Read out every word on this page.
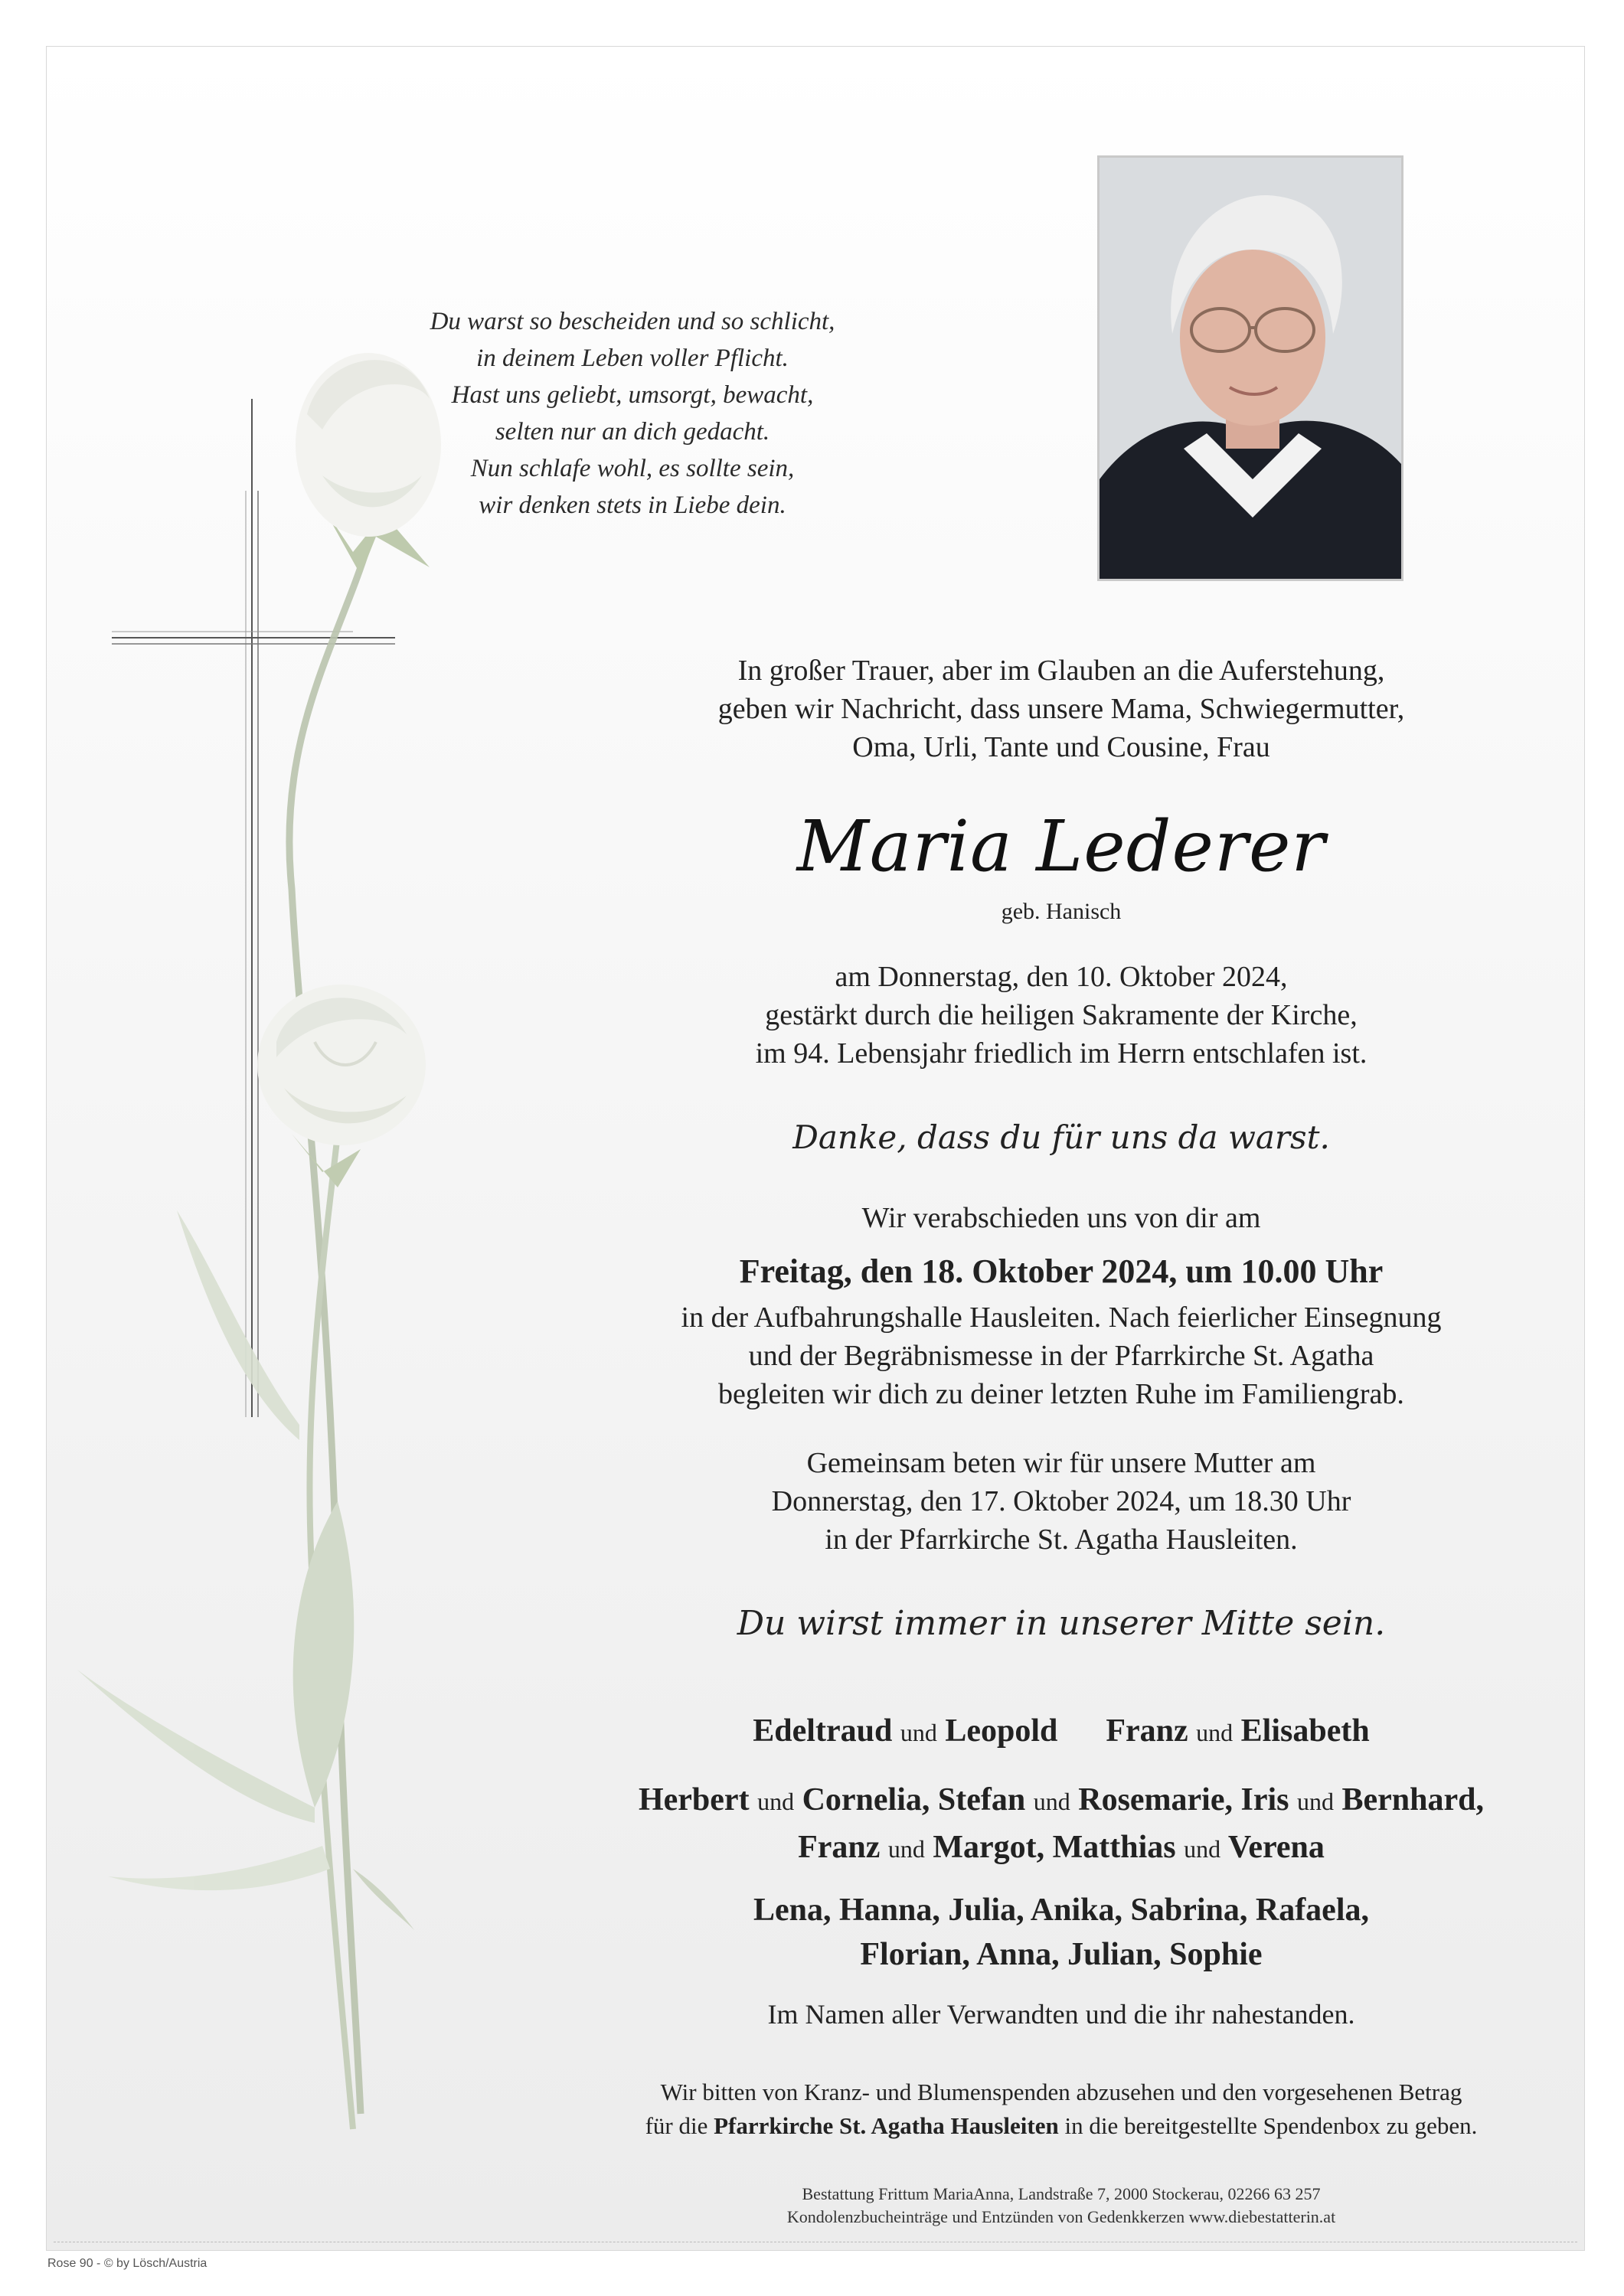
Du warst so bescheiden und so schlicht,
in deinem Leben voller Pflicht.
Hast uns geliebt, umsorgt, bewacht,
selten nur an dich gedacht.
Nun schlafe wohl, es sollte sein,
wir denken stets in Liebe dein.
In großer Trauer, aber im Glauben an die Auferstehung,
geben wir Nachricht, dass unsere Mama, Schwiegermutter,
Oma, Urli, Tante und Cousine, Frau
Maria Lederer
geb. Hanisch
am Donnerstag, den 10. Oktober 2024,
gestärkt durch die heiligen Sakramente der Kirche,
im 94. Lebensjahr friedlich im Herrn entschlafen ist.
Danke, dass du für uns da warst.
Wir verabschieden uns von dir am
Freitag, den 18. Oktober 2024, um 10.00 Uhr
in der Aufbahrungshalle Hausleiten. Nach feierlicher Einsegnung
und der Begräbnismesse in der Pfarrkirche St. Agatha
begleiten wir dich zu deiner letzten Ruhe im Familiengrab.
Gemeinsam beten wir für unsere Mutter am
Donnerstag, den 17. Oktober 2024, um 18.30 Uhr
in der Pfarrkirche St. Agatha Hausleiten.
Du wirst immer in unserer Mitte sein.
Edeltraud und Leopold Franz und Elisabeth
Herbert und Cornelia, Stefan und Rosemarie, Iris und Bernhard,
Franz und Margot, Matthias und Verena
Lena, Hanna, Julia, Anika, Sabrina, Rafaela,
Florian, Anna, Julian, Sophie
Im Namen aller Verwandten und die ihr nahestanden.
Wir bitten von Kranz- und Blumenspenden abzusehen und den vorgesehenen Betrag
für die Pfarrkirche St. Agatha Hausleiten in die bereitgestellte Spendenbox zu geben.
Bestattung Frittum MariaAnna, Landstraße 7, 2000 Stockerau, 02266 63 257
Kondolenzbucheinträge und Entzünden von Gedenkkerzen www.diebestatterin.at
Rose 90 - © by Lösch/Austria
